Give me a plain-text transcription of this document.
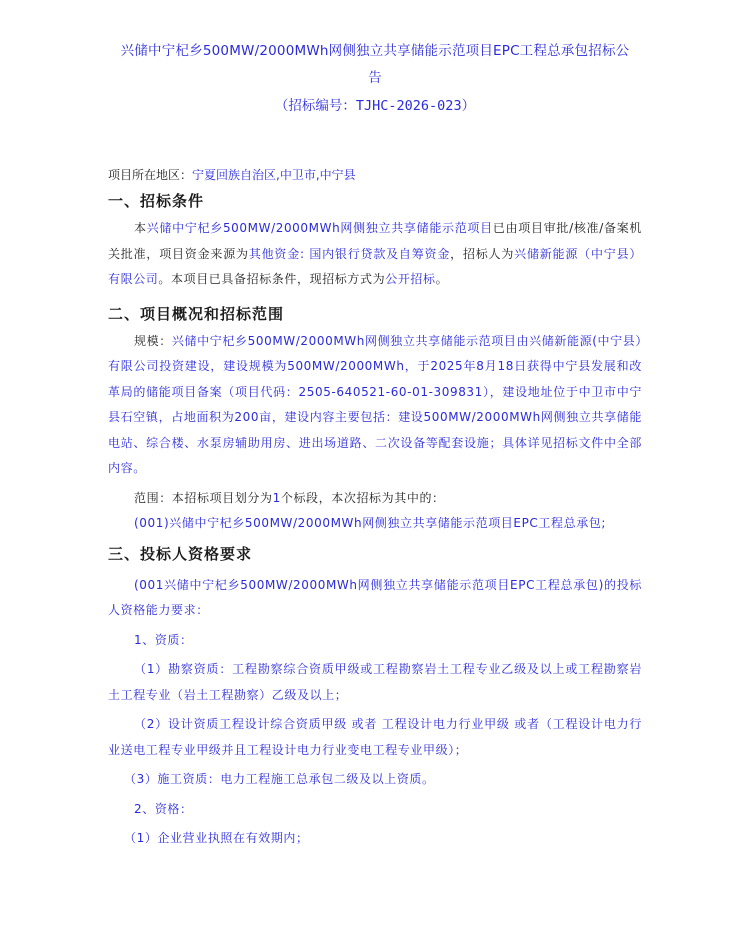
兴储中宁杞乡500MW/2000MWh网侧独立共享储能示范项目EPC工程总承包招标公
告
（招标编号：TJHC-2026-023）
项目所在地区：宁夏回族自治区,中卫市,中宁县
一、招标条件

本兴储中宁杞乡500MW/2000MWh网侧独立共享储能示范项目已由项目审批/核准/备案机关批准，项目资金来源为其他资金: 国内银行贷款及自筹资金，招标人为兴储新能源（中宁县）有限公司。本项目已具备招标条件，现招标方式为公开招标。

二、项目概况和招标范围

规模：兴储中宁杞乡500MW/2000MWh网侧独立共享储能示范项目由兴储新能源(中宁县）有限公司投资建设，建设规模为500MW/2000MWh，于2025年8月18日获得中宁县发展和改革局的储能项目备案（项目代码：2505-640521-60-01-309831），建设地址位于中卫市中宁县石空镇，占地面积为200亩，建设内容主要包括：建设500MW/2000MWh网侧独立共享储能电站、综合楼、水泵房辅助用房、进出场道路、二次设备等配套设施；具体详见招标文件中全部内容。

范围：本招标项目划分为1个标段，本次招标为其中的：

(001)兴储中宁杞乡500MW/2000MWh网侧独立共享储能示范项目EPC工程总承包;

三、投标人资格要求

(001兴储中宁杞乡500MW/2000MWh网侧独立共享储能示范项目EPC工程总承包)的投标人资格能力要求：

1、资质：

（1）勘察资质：工程勘察综合资质甲级或工程勘察岩土工程专业乙级及以上或工程勘察岩土工程专业（岩土工程勘察）乙级及以上；

（2）设计资质工程设计综合资质甲级 或者 工程设计电力行业甲级 或者（工程设计电力行业送电工程专业甲级并且工程设计电力行业变电工程专业甲级）；

（3）施工资质：电力工程施工总承包二级及以上资质。

2、资格：

（1）企业营业执照在有效期内；
